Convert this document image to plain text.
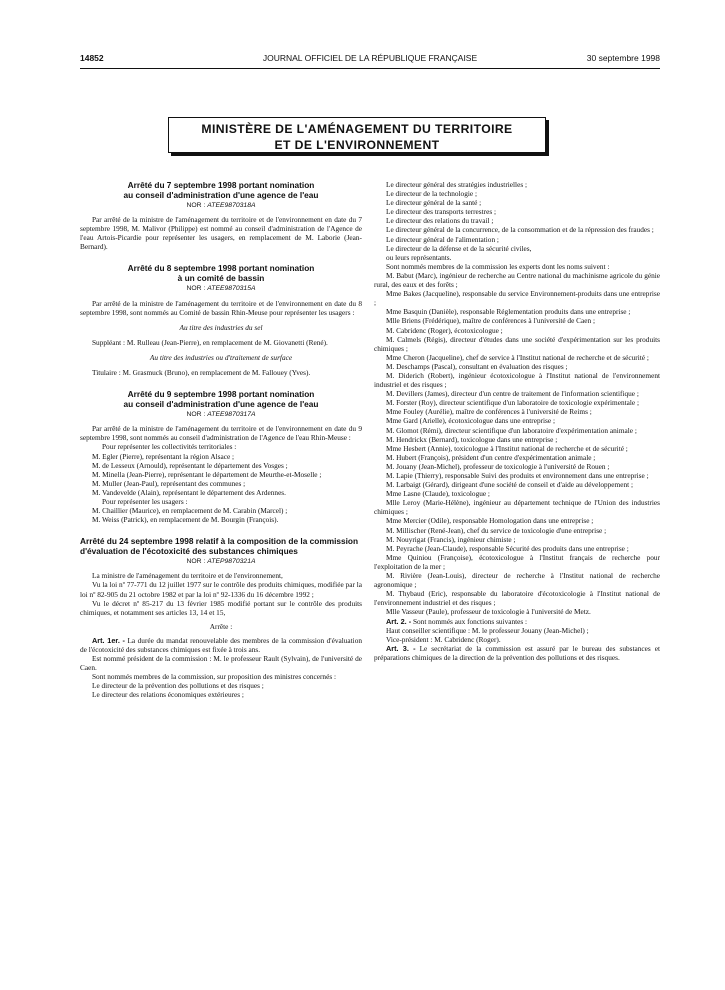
14852	JOURNAL OFFICIEL DE LA RÉPUBLIQUE FRANÇAISE	30 septembre 1998
MINISTÈRE DE L'AMÉNAGEMENT DU TERRITOIRE
ET DE L'ENVIRONNEMENT
Arrêté du 7 septembre 1998 portant nomination
au conseil d'administration d'une agence de l'eau
NOR : ATEE9870318A

Par arrêté de la ministre de l'aménagement du territoire et de l'environnement en date du 7 septembre 1998, M. Malivor (Philippe) est nommé au conseil d'administration de l'Agence de l'eau Artois-Picardie pour représenter les usagers, en remplacement de M. Laborie (Jean-Bernard).

Arrêté du 8 septembre 1998 portant nomination
à un comité de bassin
NOR : ATEE9870315A

Par arrêté de la ministre de l'aménagement du territoire et de l'environnement en date du 8 septembre 1998, sont nommés au Comité de bassin Rhin-Meuse pour représenter les usagers :

Au titre des industries du sel

Suppléant : M. Rulleau (Jean-Pierre), en remplacement de M. Giovanetti (René).

Au titre des industries ou d'traitement de surface

Titulaire : M. Grasmuck (Bruno), en remplacement de M. Fallouey (Yves).

Arrêté du 9 septembre 1998 portant nomination
au conseil d'administration d'une agence de l'eau
NOR : ATEE9870317A

Par arrêté de la ministre de l'aménagement du territoire et de l'environnement en date du 9 septembre 1998, sont nommés au conseil d'administration de l'Agence de l'eau Rhin-Meuse :

Pour représenter les collectivités territoriales :

M. Egler (Pierre), représentant la région Alsace ;

M. de Lesseux (Arnould), représentant le département des Vosges ;

M. Minella (Jean-Pierre), représentant le département de Meurthe-et-Moselle ;

M. Muller (Jean-Paul), représentant des communes ;

M. Vandevelde (Alain), représentant le département des Ardennes.

Pour représenter les usagers :

M. Chaillier (Maurice), en remplacement de M. Carabin (Marcel) ;

M. Weiss (Patrick), en remplacement de M. Bourgin (François).

Arrêté du 24 septembre 1998 relatif à la composition de la commission d'évaluation de l'écotoxicité des substances chimiques
NOR : ATEP9870321A

La ministre de l'aménagement du territoire et de l'environnement,

Vu la loi nº 77-771 du 12 juillet 1977 sur le contrôle des produits chimiques, modifiée par la loi nº 82-905 du 21 octobre 1982 et par la loi nº 92-1336 du 16 décembre 1992 ;

Vu le décret nº 85-217 du 13 février 1985 modifié portant sur le contrôle des produits chimiques, et notamment ses articles 13, 14 et 15,

Arrête :

Art. 1er. - La durée du mandat renouvelable des membres de la commission d'évaluation de l'écotoxicité des substances chimiques est fixée à trois ans.

Est nommé président de la commission : M. le professeur Rault (Sylvain), de l'université de Caen.

Sont nommés membres de la commission, sur proposition des ministres concernés :

Le directeur de la prévention des pollutions et des risques ;

Le directeur des relations économiques extérieures ;

Le directeur général des stratégies industrielles ;

Le directeur de la technologie ;

Le directeur général de la santé ;

Le directeur des transports terrestres ;

Le directeur des relations du travail ;

Le directeur général de la concurrence, de la consommation et de la répression des fraudes ;

Le directeur général de l'alimentation ;

Le directeur de la défense et de la sécurité civiles,

ou leurs représentants.

Sont nommés membres de la commission les experts dont les noms suivent :

M. Babut (Marc), ingénieur de recherche au Centre national du machinisme agricole du génie rural, des eaux et des forêts ;

Mme Bakes (Jacqueline), responsable du service Environnement-produits dans une entreprise ;

Mme Basquin (Danièle), responsable Réglementation produits dans une entreprise ;

Mlle Briens (Frédérique), maître de conférences à l'université de Caen ;

M. Cabridenc (Roger), écotoxicologue ;

M. Calmels (Régis), directeur d'études dans une société d'expérimentation sur les produits chimiques ;

Mme Cheron (Jacqueline), chef de service à l'Institut national de recherche et de sécurité ;

M. Deschamps (Pascal), consultant en évaluation des risques ;

M. Diderich (Robert), ingénieur écotoxicologue à l'Institut national de l'environnement industriel et des risques ;

M. Devillers (James), directeur d'un centre de traitement de l'information scientifique ;

M. Forster (Roy), directeur scientifique d'un laboratoire de toxicologie expérimentale ;

Mme Fouley (Aurélie), maître de conférences à l'université de Reims ;

Mme Gard (Arielle), écotoxicologue dans une entreprise ;

M. Glomot (Rémi), directeur scientifique d'un laboratoire d'expérimentation animale ;

M. Hendrickx (Bernard), toxicologue dans une entreprise ;

Mme Hesbert (Annie), toxicologue à l'Institut national de recherche et de sécurité ;

M. Hubert (François), président d'un centre d'expérimentation animale ;

M. Jouany (Jean-Michel), professeur de toxicologie à l'université de Rouen ;

M. Lapie (Thierry), responsable Suivi des produits et environnement dans une entreprise ;

M. Larbaigt (Gérard), dirigeant d'une société de conseil et d'aide au développement ;

Mme Lasne (Claude), toxicologue ;

Mlle Leroy (Marie-Hélène), ingénieur au département technique de l'Union des industries chimiques ;

Mme Mercier (Odile), responsable Homologation dans une entreprise ;

M. Millischer (René-Jean), chef du service de toxicologie d'une entreprise ;

M. Nouyrigat (Francis), ingénieur chimiste ;

M. Peyrache (Jean-Claude), responsable Sécurité des produits dans une entreprise ;

Mme Quiniou (Françoise), écotoxicologue à l'Institut français de recherche pour l'exploitation de la mer ;

M. Rivière (Jean-Louis), directeur de recherche à l'Institut national de recherche agronomique ;

M. Thybaud (Eric), responsable du laboratoire d'écotoxicologie à l'Institut national de l'environnement industriel et des risques ;

Mlle Vasseur (Paule), professeur de toxicologie à l'université de Metz.

Art. 2. - Sont nommés aux fonctions suivantes :

Haut conseiller scientifique : M. le professeur Jouany (Jean-Michel) ;

Vice-président : M. Cabridenc (Roger).

Art. 3. - Le secrétariat de la commission est assuré par le bureau des substances et préparations chimiques de la direction de la prévention des pollutions et des risques.
